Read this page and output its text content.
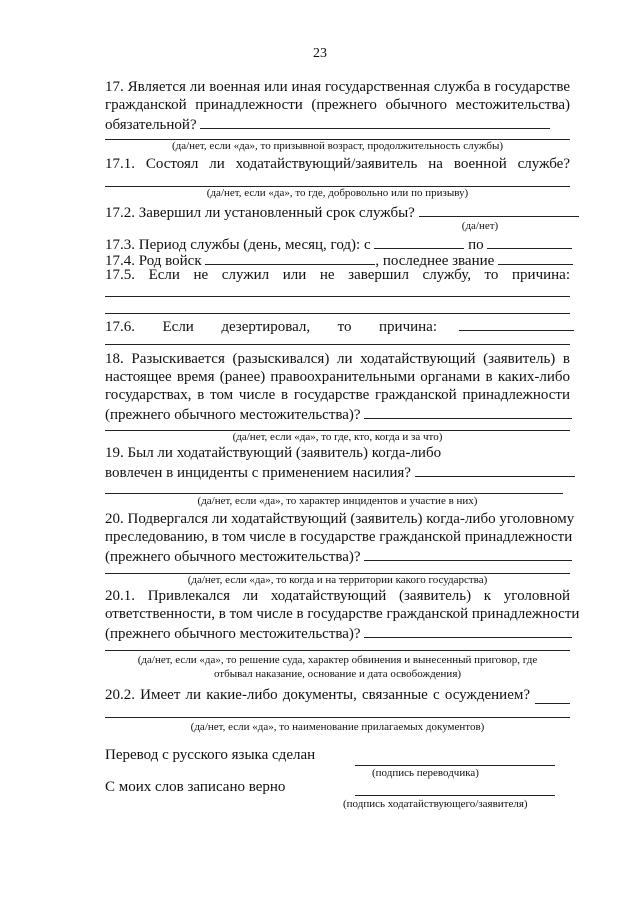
23
17. Является ли военная или иная государственная служба в государстве
гражданской принадлежности (прежнего обычного местожительства)
обязательной?
(да/нет, если «да», то призывной возраст, продолжительность службы)
17.1. Состоял ли ходатайствующий/заявитель на военной службе?
(да/нет, если «да», то где, добровольно или по призыву)
17.2. Завершил ли установленный срок службы?
(да/нет)
17.3. Период службы (день, месяц, год): с	по
17.4. Род войск	, последнее звание
17.5. Если не служил или не завершил службу, то причина:
17.6. Если дезертировал, то причина:
18. Разыскивается (разыскивался) ли ходатайствующий (заявитель) в
настоящее время (ранее) правоохранительными органами в каких-либо
государствах, в том числе в государстве гражданской принадлежности
(прежнего обычного местожительства)?
(да/нет, если «да», то где, кто, когда и за что)
19. Был ли ходатайствующий (заявитель) когда-либо
вовлечен в инциденты с применением насилия?
(да/нет, если «да», то характер инцидентов и участие в них)
20. Подвергался ли ходатайствующий (заявитель) когда-либо уголовному
преследованию, в том числе в государстве гражданской принадлежности
(прежнего обычного местожительства)?
(да/нет, если «да», то когда и на территории какого государства)
20.1. Привлекался ли ходатайствующий (заявитель) к уголовной
ответственности, в том числе в государстве гражданской принадлежности
(прежнего обычного местожительства)?
(да/нет, если «да», то решение суда, характер обвинения и вынесенный приговор, где
отбывал наказание, основание и дата освобождения)
20.2. Имеет ли какие-либо документы, связанные с осуждением?
(да/нет, если «да», то наименование прилагаемых документов)
Перевод с русского языка сделан
(подпись переводчика)
С моих слов записано верно
(подпись ходатайствующего/заявителя)
